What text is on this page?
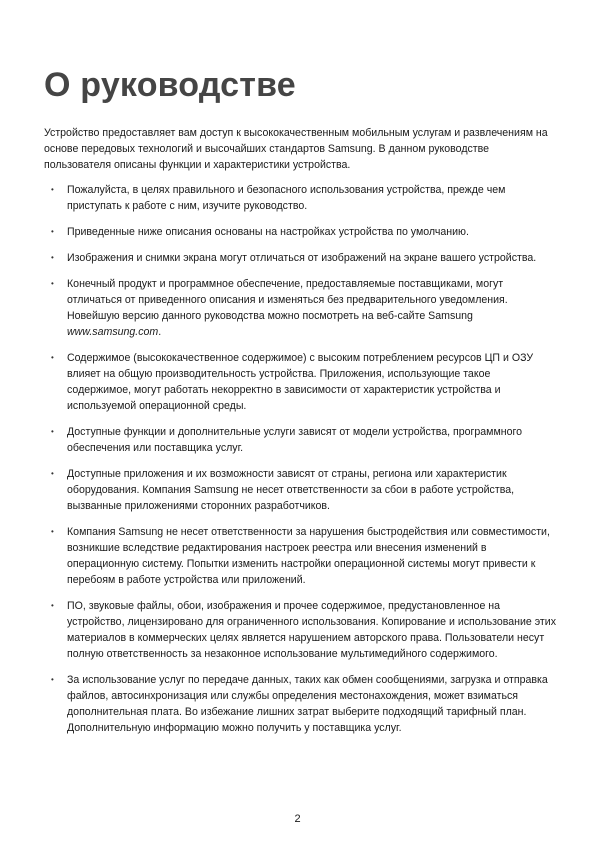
О руководстве

Устройство предоставляет вам доступ к высококачественным мобильным услугам и развлечениям на основе передовых технологий и высочайших стандартов Samsung. В данном руководстве пользователя описаны функции и характеристики устройства.

• Пожалуйста, в целях правильного и безопасного использования устройства, прежде чем приступать к работе с ним, изучите руководство.
• Приведенные ниже описания основаны на настройках устройства по умолчанию.
• Изображения и снимки экрана могут отличаться от изображений на экране вашего устройства.
• Конечный продукт и программное обеспечение, предоставляемые поставщиками, могут отличаться от приведенного описания и изменяться без предварительного уведомления. Новейшую версию данного руководства можно посмотреть на веб-сайте Samsung www.samsung.com.
• Содержимое (высококачественное содержимое) с высоким потреблением ресурсов ЦП и ОЗУ влияет на общую производительность устройства. Приложения, использующие такое содержимое, могут работать некорректно в зависимости от характеристик устройства и используемой операционной среды.
• Доступные функции и дополнительные услуги зависят от модели устройства, программного обеспечения или поставщика услуг.
• Доступные приложения и их возможности зависят от страны, региона или характеристик оборудования. Компания Samsung не несет ответственности за сбои в работе устройства, вызванные приложениями сторонних разработчиков.
• Компания Samsung не несет ответственности за нарушения быстродействия или совместимости, возникшие вследствие редактирования настроек реестра или внесения изменений в операционную систему. Попытки изменить настройки операционной системы могут привести к перебоям в работе устройства или приложений.
• ПО, звуковые файлы, обои, изображения и прочее содержимое, предустановленное на устройство, лицензировано для ограниченного использования. Копирование и использование этих материалов в коммерческих целях является нарушением авторского права. Пользователи несут полную ответственность за незаконное использование мультимедийного содержимого.
• За использование услуг по передаче данных, таких как обмен сообщениями, загрузка и отправка файлов, автосинхронизация или службы определения местонахождения, может взиматься дополнительная плата. Во избежание лишних затрат выберите подходящий тарифный план. Дополнительную информацию можно получить у поставщика услуг.
2
